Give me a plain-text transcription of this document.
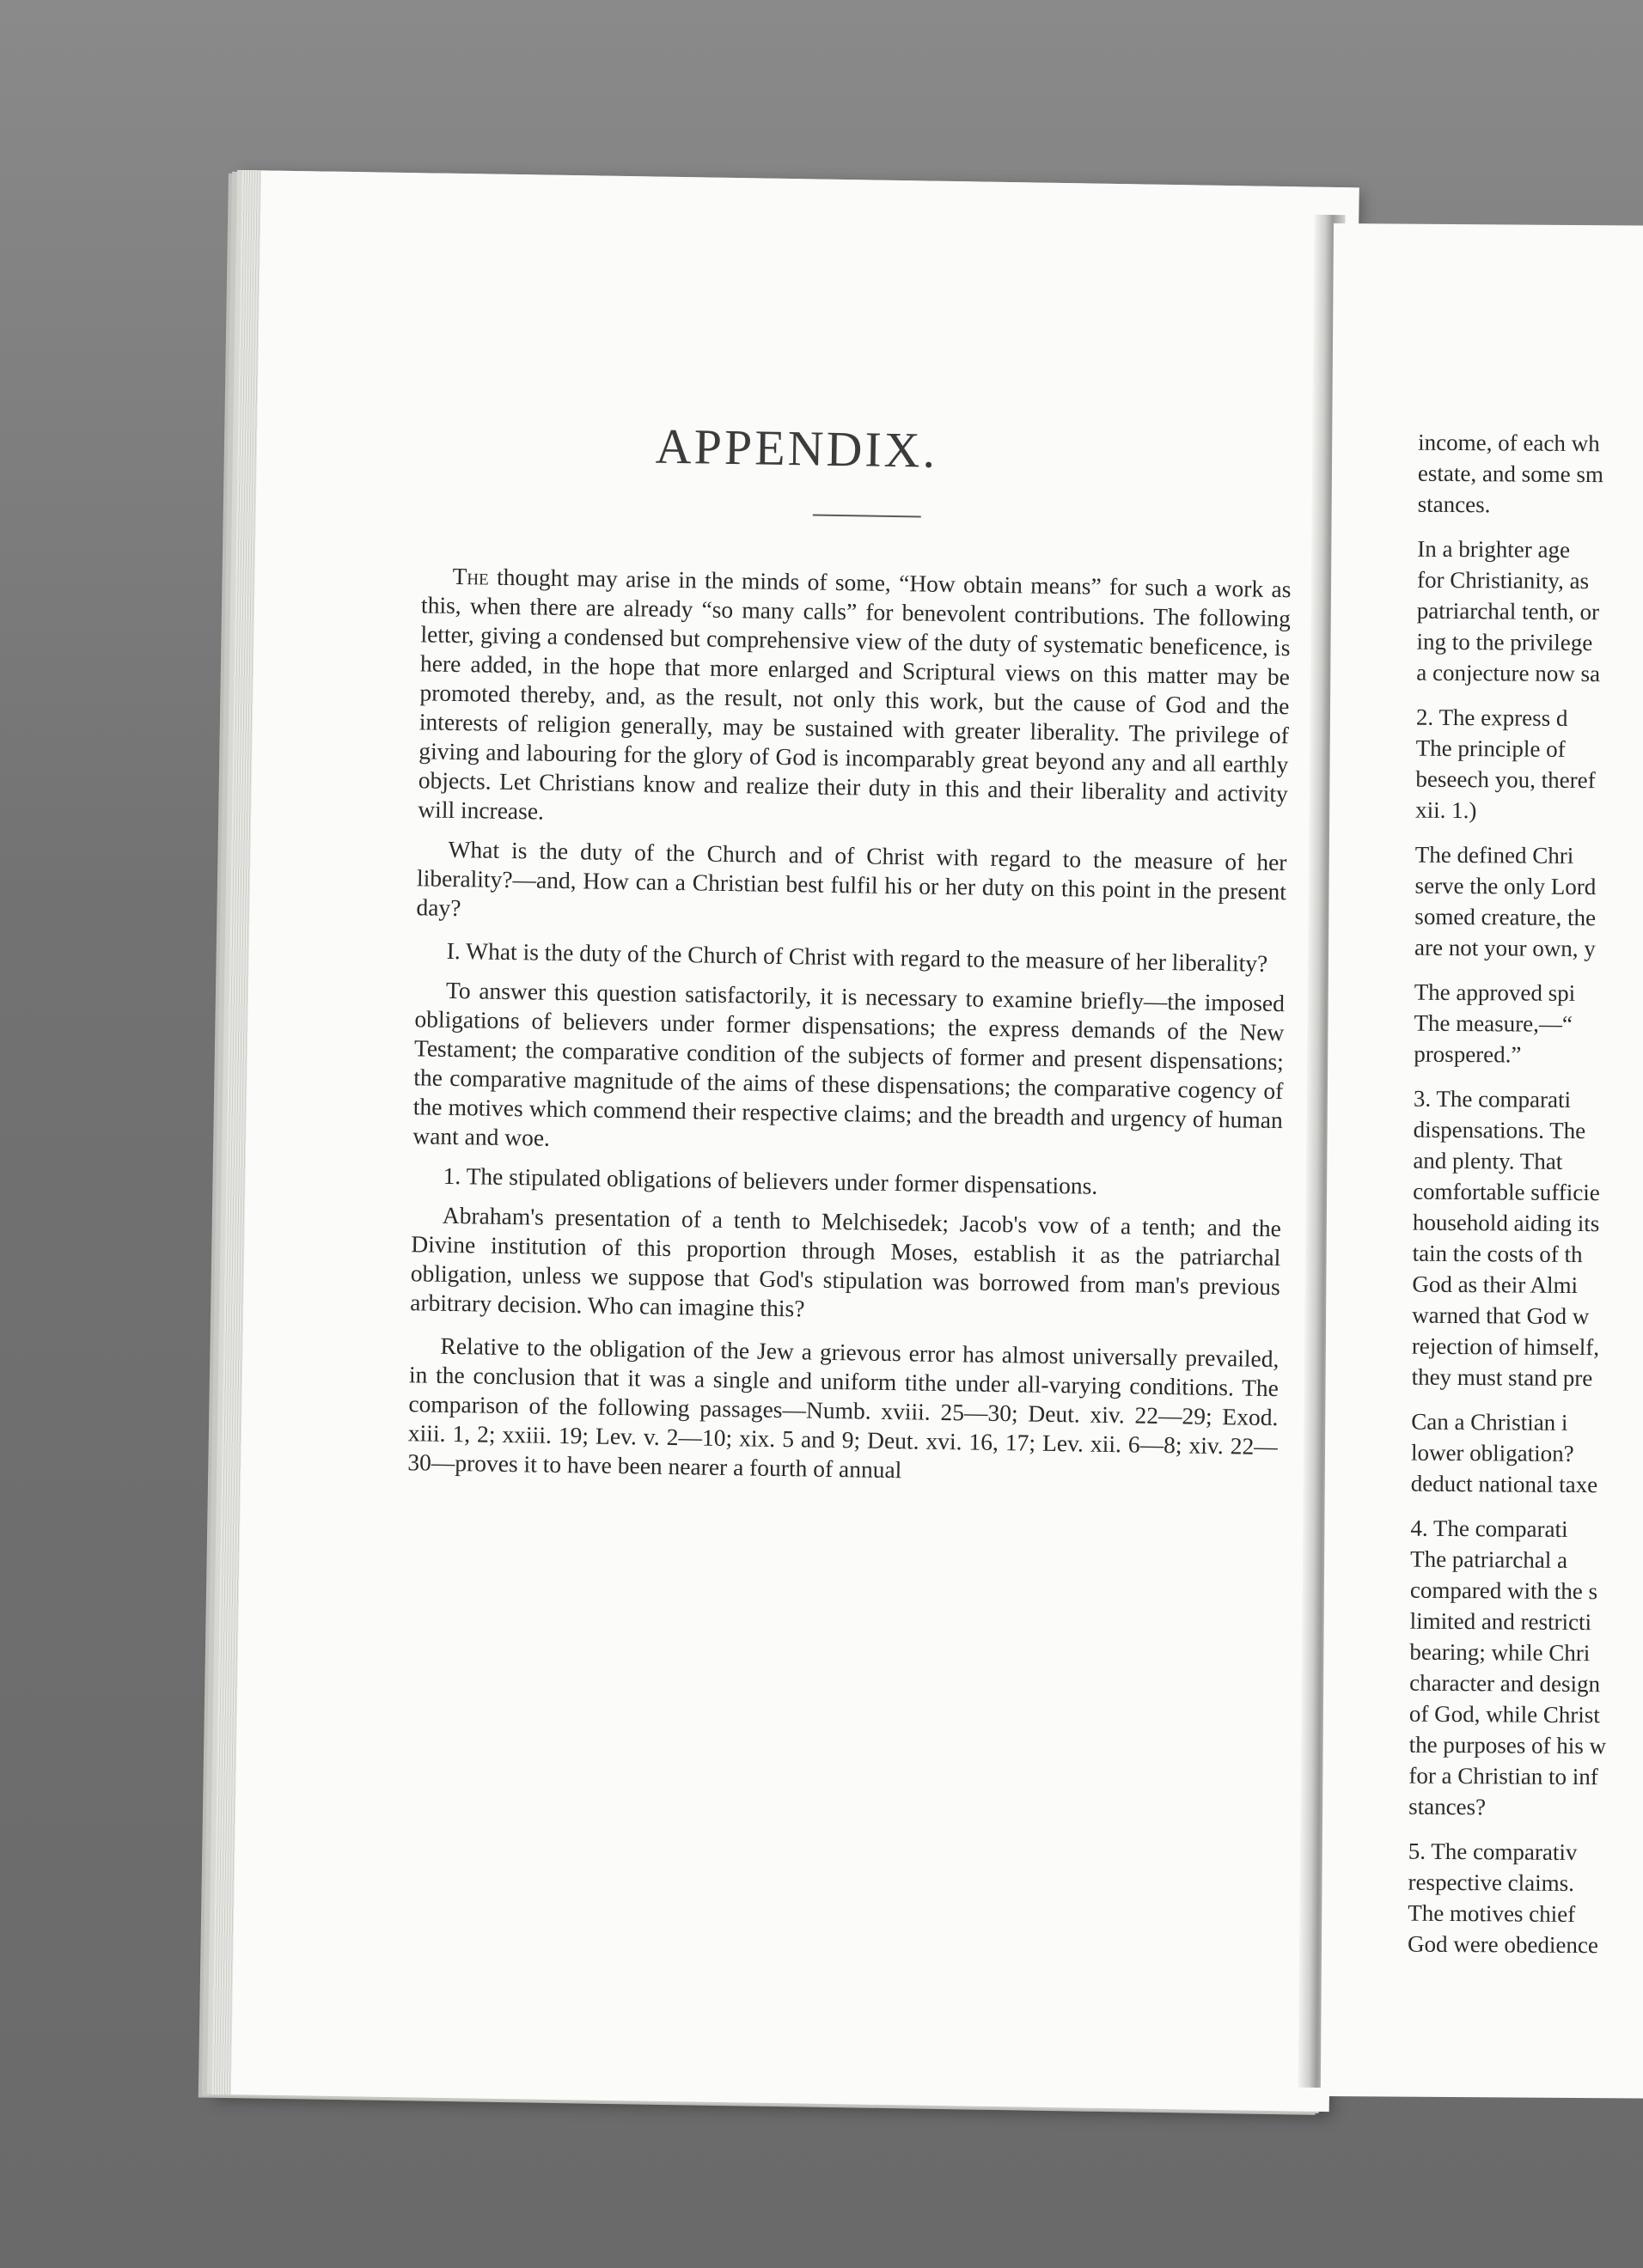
APPENDIX.

The thought may arise in the minds of some, “How obtain means” for such a work as this, when there are already “so many calls” for benevolent contributions. The following letter, giving a condensed but comprehensive view of the duty of systematic beneficence, is here added, in the hope that more enlarged and Scriptural views on this matter may be promoted thereby, and, as the result, not only this work, but the cause of God and the interests of religion generally, may be sustained with greater liberality. The privilege of giving and labouring for the glory of God is incomparably great beyond any and all earthly objects. Let Christians know and realize their duty in this and their liberality and activity will increase.

What is the duty of the Church and of Christ with regard to the measure of her liberality?—and, How can a Christian best fulfil his or her duty on this point in the present day?

I. What is the duty of the Church of Christ with regard to the measure of her liberality?

To answer this question satisfactorily, it is necessary to examine briefly—the imposed obligations of believers under former dispensations; the express demands of the New Testament; the comparative condition of the subjects of former and present dispensations; the comparative magnitude of the aims of these dispensations; the comparative cogency of the motives which commend their respective claims; and the breadth and urgency of human want and woe.

1. The stipulated obligations of believers under former dispensations.

Abraham's presentation of a tenth to Melchisedek; Jacob's vow of a tenth; and the Divine institution of this proportion through Moses, establish it as the patriarchal obligation, unless we suppose that God's stipulation was borrowed from man's previous arbitrary decision. Who can imagine this?

Relative to the obligation of the Jew a grievous error has almost universally prevailed, in the conclusion that it was a single and uniform tithe under all-varying conditions. The comparison of the following passages—Numb. xviii. 25—30; Deut. xiv. 22—29; Exod. xiii. 1, 2; xxiii. 19; Lev. v. 2—10; xix. 5 and 9; Deut. xvi. 16, 17; Lev. xii. 6—8; xiv. 22—30—proves it to have been nearer a fourth of annual

income, of each wh
estate, and some sm
stances.
In a brighter age
for Christianity, as
patriarchal tenth, or
ing to the privilege
a conjecture now sa
2. The express d
The principle of
beseech you, theref
xii. 1.)
The defined Chri
serve the only Lord
somed creature, the
are not your own, y
The approved spi
The measure,—“
prospered.”
3. The comparati
dispensations. The
and plenty. That
comfortable sufficie
household aiding its
tain the costs of th
God as their Almi
warned that God w
rejection of himself,
they must stand pre
Can a Christian i
lower obligation?
deduct national taxe
4. The comparati
The patriarchal a
compared with the s
limited and restricti
bearing; while Chri
character and design
of God, while Christ
the purposes of his w
for a Christian to inf
stances?
5. The comparativ
respective claims.
The motives chief
God were obedience
